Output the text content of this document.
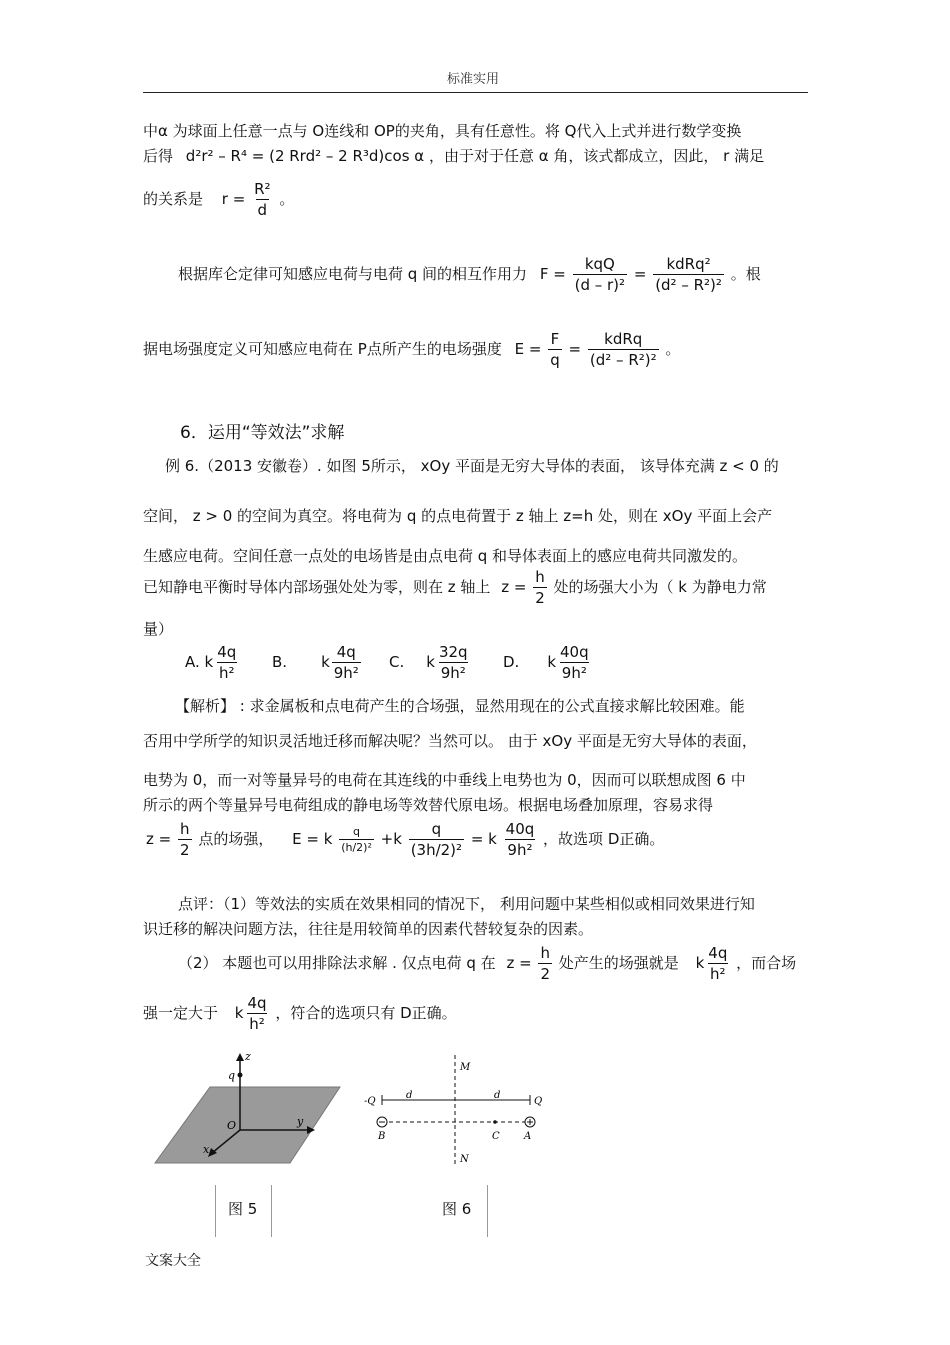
标准实用
中α 为球面上任意一点与 O连线和 OP的夹角，具有任意性。将 Q代入上式并进行数学变换
后得 d²r² – R⁴ = (2 Rrd² – 2 R³d)cos α ，由于对于任意 α 角，该式都成立，因此， r 满足
的关系是 $r = \frac{\text{R²}}{d}$ 。
根据库仑定律可知感应电荷与电荷 q 间的相互作用力 $F = \frac{\text{kqQ}}{\text{(d – r)²}} = \frac{\text{kdRq²}}{\text{(d² – R²)²}}$ 。根
据电场强度定义可知感应电荷在 P点所产生的电场强度 $E = \frac{F}{q} = \frac{\text{kdRq}}{\text{(d² – R²)²}}$ 。
6．运用“等效法”求解
例 6.（2013 安徽卷）. 如图 5所示， xOy 平面是无穷大导体的表面， 该导体充满 z < 0 的
空间， z > 0 的空间为真空。将电荷为 q 的点电荷置于 z 轴上 z=h 处，则在 xOy 平面上会产
生感应电荷。空间任意一点处的电场皆是由点电荷 q 和导体表面上的感应电荷共同激发的。
已知静电平衡时导体内部场强处处为零，则在 z 轴上 $z = \frac{h}{2}$ 处的场强大小为（ k 为静电力常
量）
A. k $\frac{4q}{\text{h²}} B$. k $\frac{4q}{\text{9h²}} C$. k $\frac{32q}{\text{9h²}} D$. k $\frac{40q}{\text{9h²}}$
【解析】 : 求金属板和点电荷产生的合场强，显然用现在的公式直接求解比较困难。能
否用中学所学的知识灵活地迁移而解决呢？当然可以。 由于 xOy 平面是无穷大导体的表面，
电势为 0，而一对等量异号的电荷在其连线的中垂线上电势也为 0，因而可以联想成图 6 中
所示的两个等量异号电荷组成的静电场等效替代原电场。根据电场叠加原理，容易求得
$z = \frac{h}{2}$ 点的场强， E = k $\frac{q}{\text{(h/2)²}} +k \frac{q}{\text{(3h/2)²}} = k \frac{40q}{\text{9h²}}$ ，故选项 D正确。
点评：（1）等效法的实质在效果相同的情况下， 利用问题中某些相似或相同效果进行知
识迁移的解决问题方法，往往是用较简单的因素代替较复杂的因素。
（2） 本题也可以用排除法求解 . 仅点电荷 q 在 $z = \frac{h}{2}$ 处产生的场强就是 k $\frac{4q}{\text{h²}}$ ，而合场
强一定大于 k $\frac{4q}{\text{h²}}$ ，符合的选项只有 D正确。
z
q
O	y
x
M
N
-Q	Q
d	d
B	C A
图 5	图 6
文案大全
